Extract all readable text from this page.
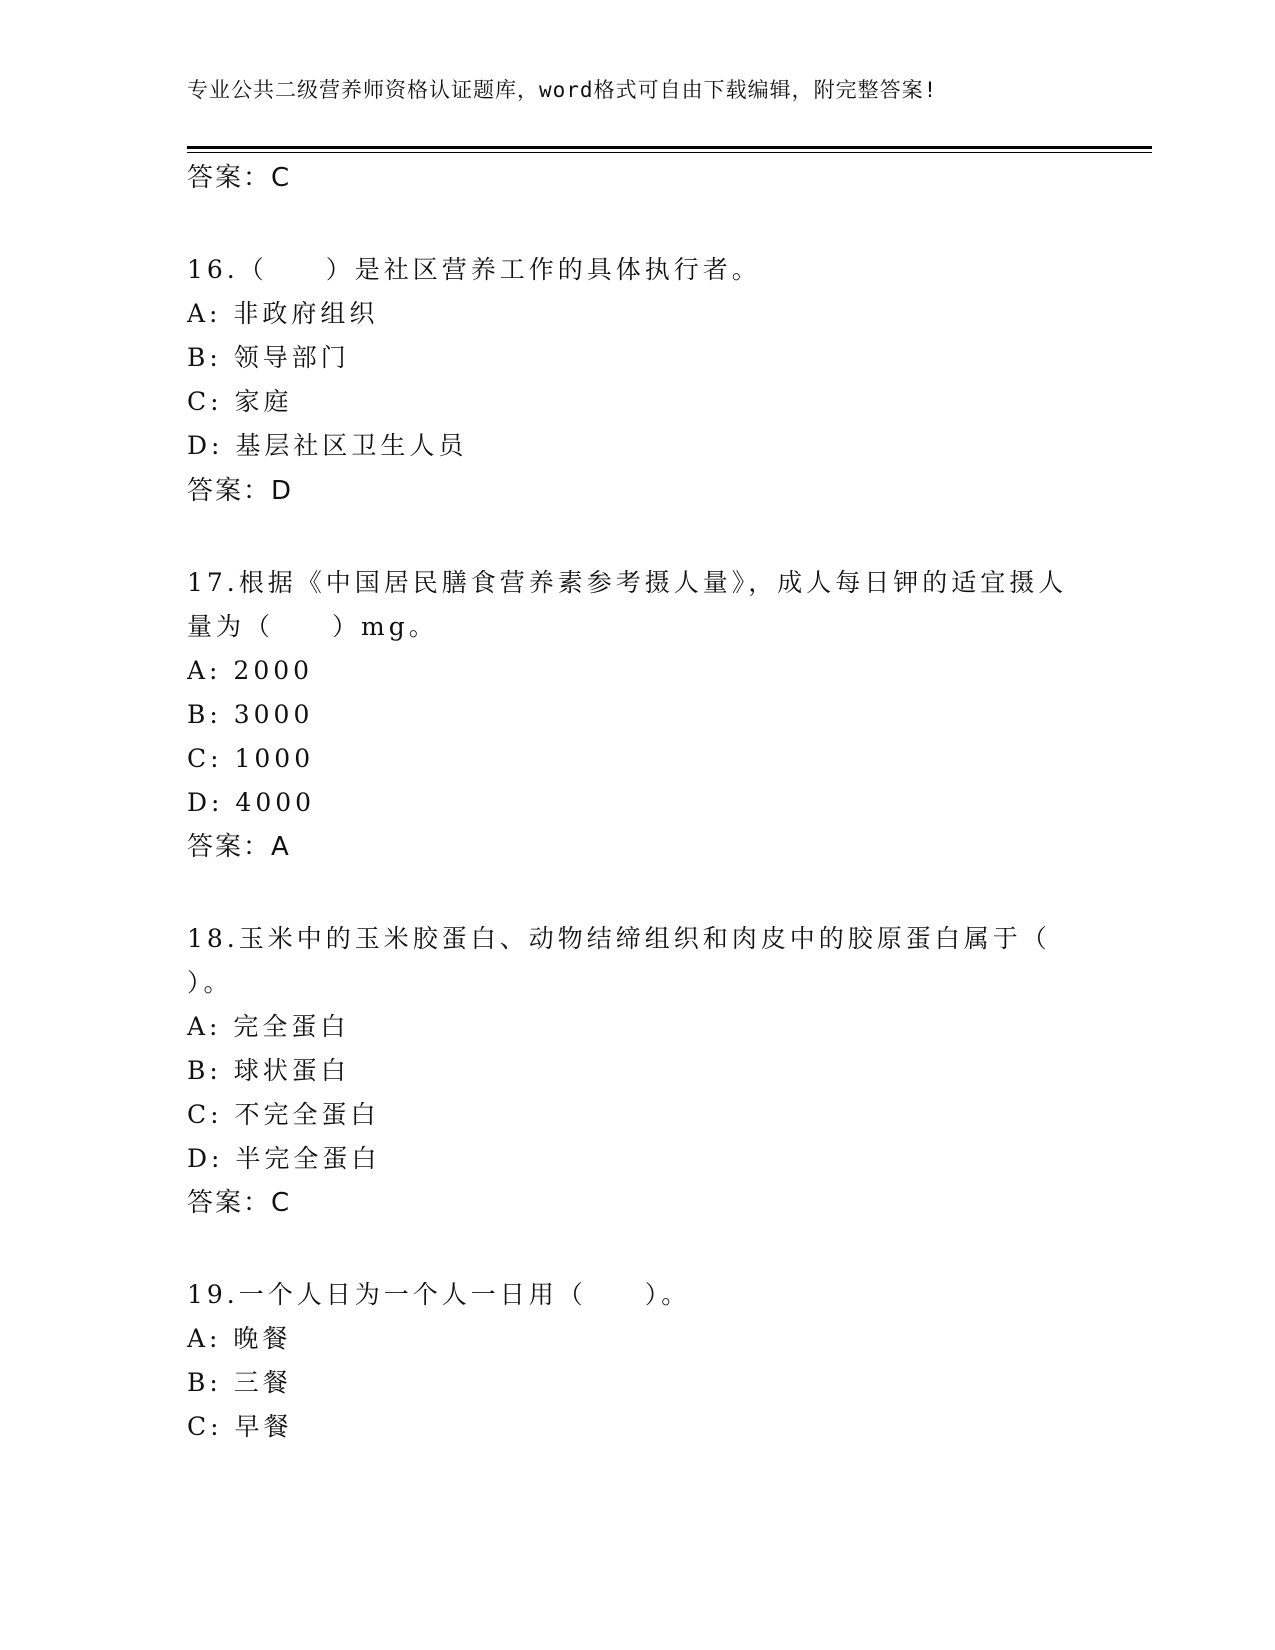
专业公共二级营养师资格认证题库，word格式可自由下载编辑，附完整答案!
答案：C
16.（　　）是社区营养工作的具体执行者。
A: 非政府组织
B: 领导部门
C: 家庭
D: 基层社区卫生人员
答案：D
17.根据《中国居民膳食营养素参考摄人量》，成人每日钾的适宜摄人
量为（　　）mg。
A: 2000
B: 3000
C: 1000
D: 4000
答案：A
18.玉米中的玉米胶蛋白、动物结缔组织和肉皮中的胶原蛋白属于（
）。
A: 完全蛋白
B: 球状蛋白
C: 不完全蛋白
D: 半完全蛋白
答案：C
19.一个人日为一个人一日用（　　）。
A: 晚餐
B: 三餐
C: 早餐
